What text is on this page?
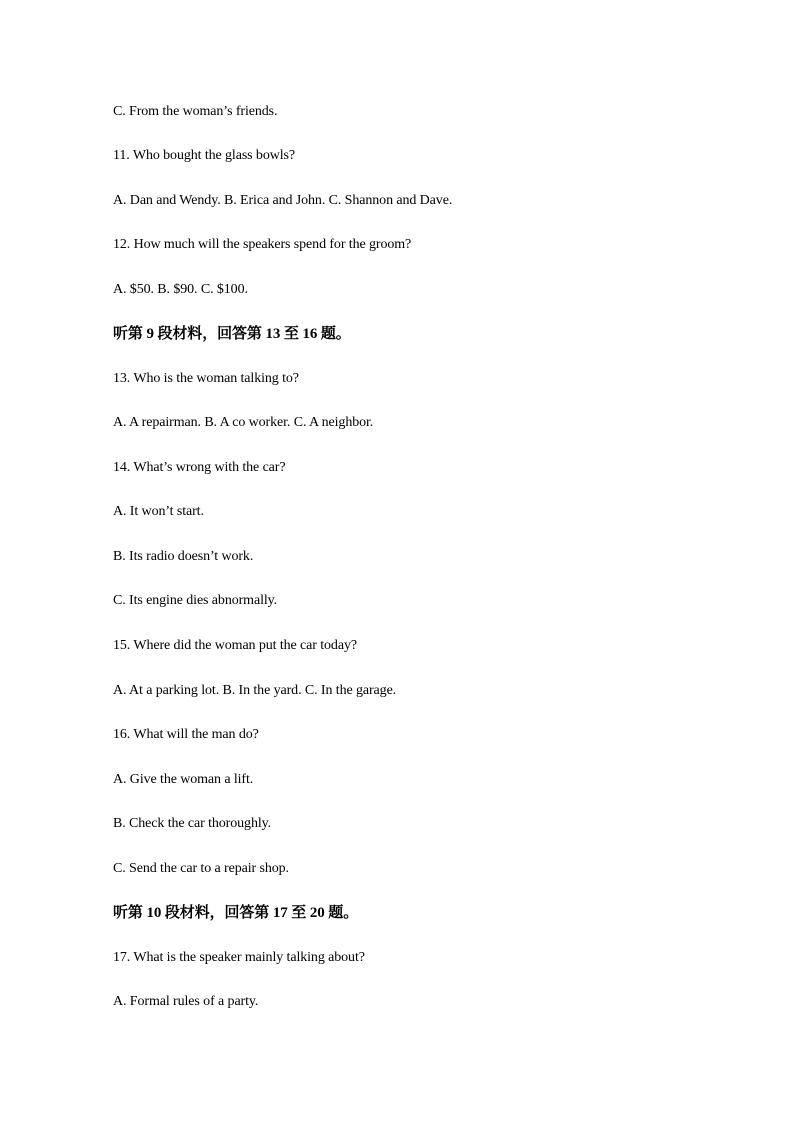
C. From the woman’s friends.
11. Who bought the glass bowls?
A. Dan and Wendy. B. Erica and John. C. Shannon and Dave.
12. How much will the speakers spend for the groom?
A. $50. B. $90. C. $100.
听第 9 段材料，回答第 13 至 16 题。
13. Who is the woman talking to?
A. A repairman. B. A co worker. C. A neighbor.
14. What’s wrong with the car?
A. It won’t start.
B. Its radio doesn’t work.
C. Its engine dies abnormally.
15. Where did the woman put the car today?
A. At a parking lot. B. In the yard. C. In the garage.
16. What will the man do?
A. Give the woman a lift.
B. Check the car thoroughly.
C. Send the car to a repair shop.
听第 10 段材料，回答第 17 至 20 题。
17. What is the speaker mainly talking about?
A. Formal rules of a party.
